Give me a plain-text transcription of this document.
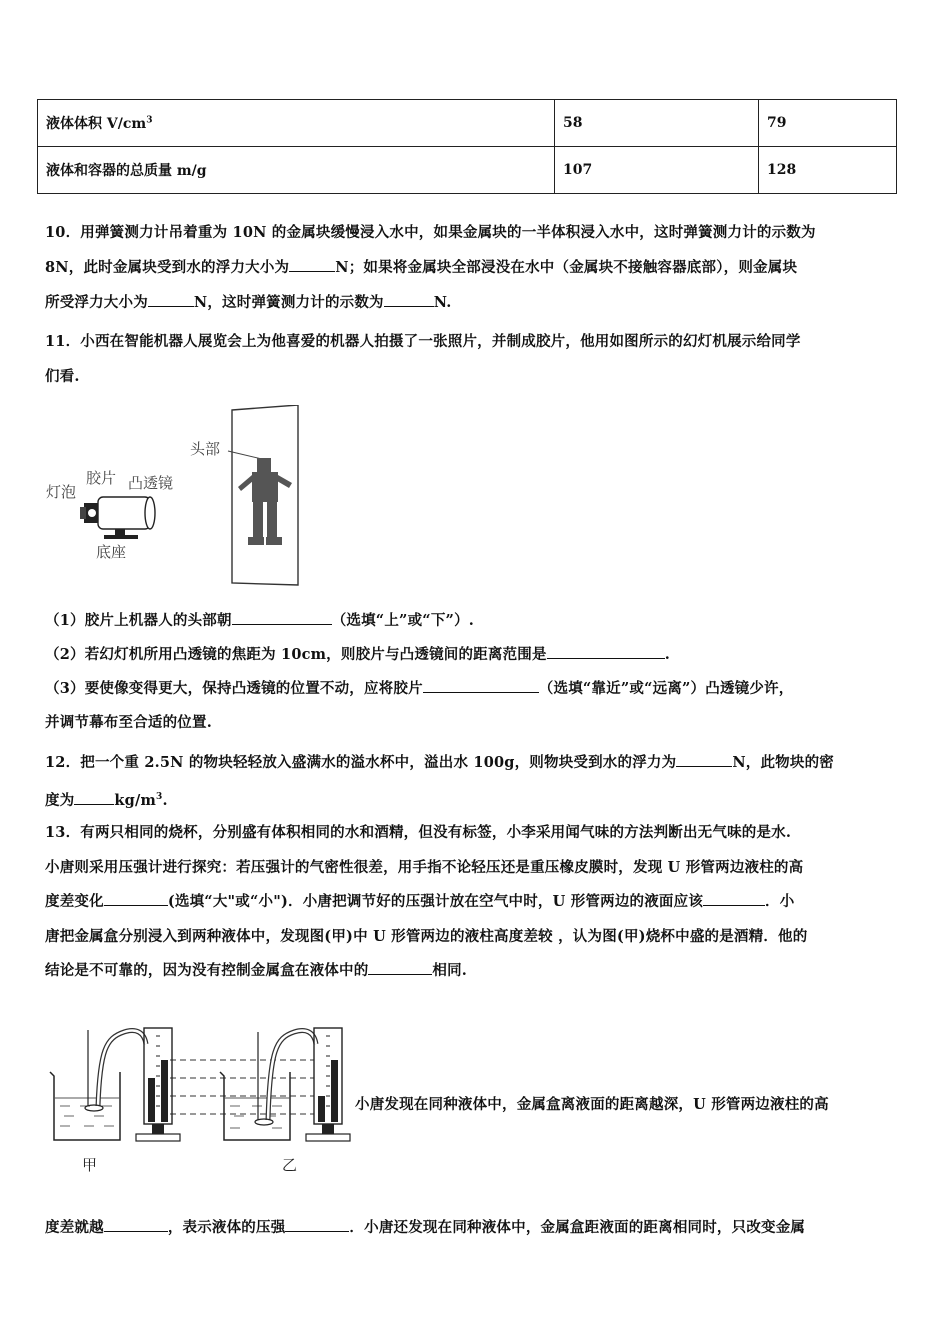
液体体积 $V/cm^3$	58	79
液体和容器的总质量 m/g	107	128
10．用弹簧测力计吊着重为 10N 的金属块缓慢浸入水中，如果金属块的一半体积浸入水中，这时弹簧测力计的示数为
8N，此时金属块受到水的浮力大小为	N；如果将金属块全部浸没在水中（金属块不接触容器底部），则金属块
所受浮力大小为	N，这时弹簧测力计的示数为	N.
11．小西在智能机器人展览会上为他喜爱的机器人拍摄了一张照片，并制成胶片，他用如图所示的幻灯机展示给同学
们看.
头部
灯泡
胶片 凸透镜
底座
（1）胶片上机器人的头部朝	（选填“上”或“下”）.
（2）若幻灯机所用凸透镜的焦距为 10cm，则胶片与凸透镜间的距离范围是	.
（3）要使像变得更大，保持凸透镜的位置不动，应将胶片	（选填“靠近”或“远离”）凸透镜少许，
并调节幕布至合适的位置.
12．把一个重 2.5N 的物块轻轻放入盛满水的溢水杯中，溢出水 100g，则物块受到水的浮力为	N，此物块的密
度为	$kg/m^3$.
13．有两只相同的烧杯，分别盛有体积相同的水和酒精，但没有标签，小李采用闻气味的方法判断出无气味的是水.
小唐则采用压强计进行探究：若压强计的气密性很差，用手指不论轻压还是重压橡皮膜时，发现 U 形管两边液柱的高
度差变化	(选填“大"或“小")．小唐把调节好的压强计放在空气中时，U 形管两边的液面应该	．小
唐把金属盒分别浸入到两种液体中，发现图(甲)中 U 形管两边的液柱高度差较 ，认为图(甲)烧杯中盛的是酒精．他的
结论是不可靠的，因为没有控制金属盒在液体中的	相同.
甲	乙
小唐发现在同种液体中，金属盒离液面的距离越深，U 形管两边液柱的高
度差就越	，表示液体的压强	．小唐还发现在同种液体中，金属盒距液面的距离相同时，只改变金属
